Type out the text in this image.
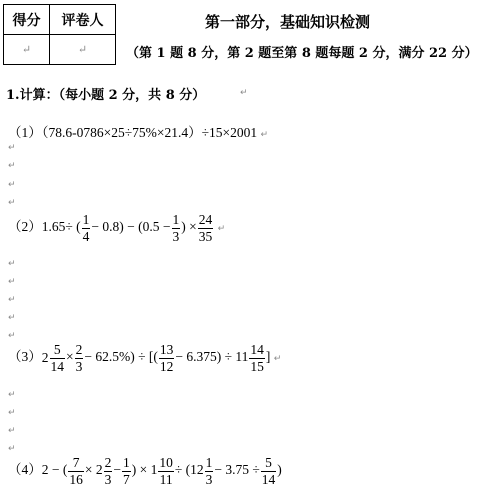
得分	评卷人
↵	↵
第一部分，基础知识检测
（第 1 题 8 分，第 2 题至第 8 题每题 2 分，满分 22 分）
1.计算：（每小题 2 分，共 8 分）	↵
（1）（78.6-0786×25÷75%×21.4）÷15×2001 ↵
↵
↵
↵
↵
（2）1.65÷ ( $\frac{1}{4} - 0.8) - (0.5 - \frac{1}{3}$ ) × $\frac{24}{35}$ ↵
↵
↵
↵
↵
↵
$(3)2 \frac{5}{14} \times \frac{2}{3} - 62.5\%$) ÷ [( $\frac{13}{12} - 6.375) \div 11 \frac{14}{15}$ ] ↵
↵
↵
↵
↵
（4）2 − ( $\frac{7}{16} \times 2 \frac{2}{3} - \frac{1}{7}$ ) × $1 \frac{10}{11} \div (12 \frac{1}{3} - 3.75 \div \frac{5}{14}$ )
